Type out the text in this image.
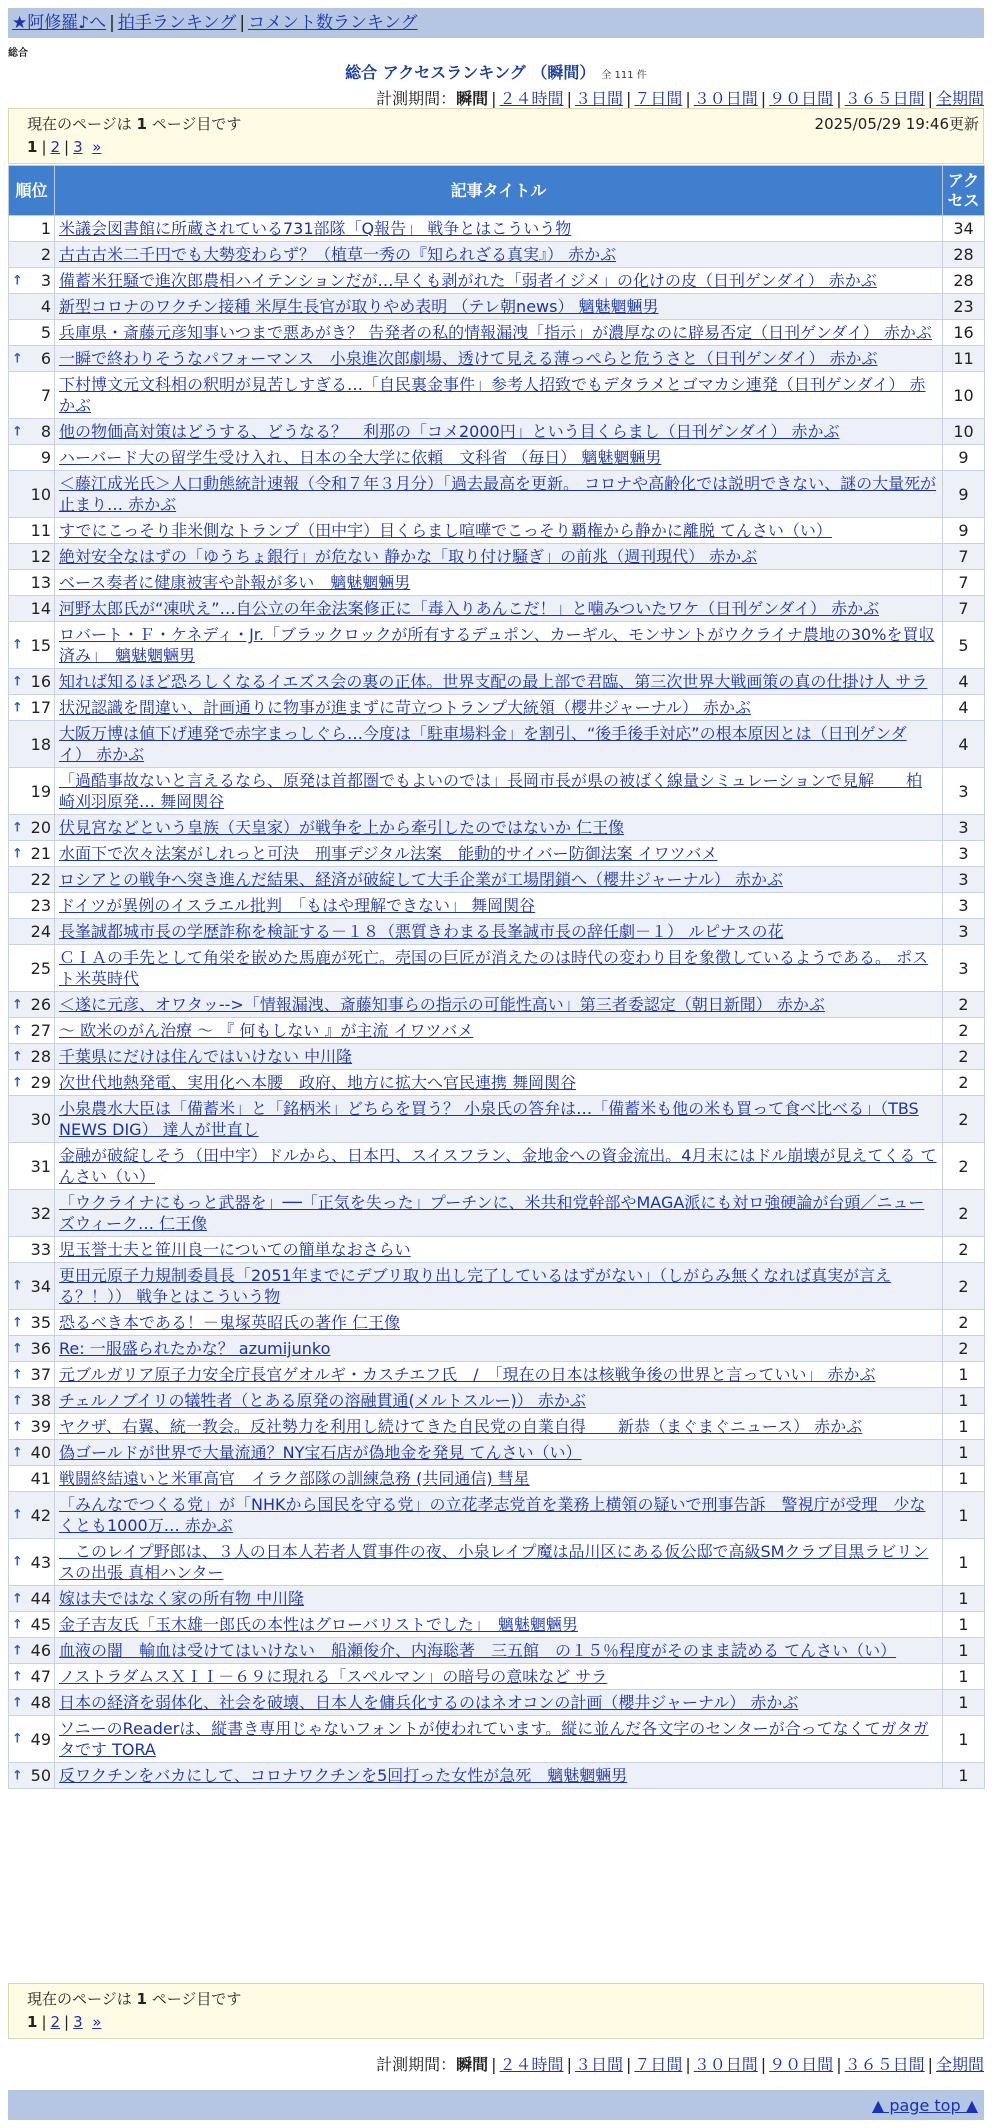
★阿修羅♪へ | 拍手ランキング | コメント数ランキング
総合
総合 アクセスランキング （瞬間） 全 111 件
計測期間：瞬間 | ２４時間 | ３日間 | ７日間 | ３０日間 | ９０日間 | ３６５日間 | 全期間
現在のページは 1 ページ目です	2025/05/29 19:46更新
1 | 2 | 3 »
順位	記事タイトル	アクセス
1	米議会図書館に所蔵されている731部隊「Q報告」 戦争とはこういう物	34
2	古古古米二千円でも大勢変わらず？（植草一秀の『知られざる真実』） 赤かぶ	28

↑ 3	備蓄米狂騒で進次郎農相ハイテンションだが…早くも剥がれた「弱者イジメ」の化けの皮（日刊ゲンダイ） 赤かぶ	28
4	新型コロナのワクチン接種 米厚生長官が取りやめ表明 （テレ朝news） 魑魅魍魎男	23
5	兵庫県・斎藤元彦知事いつまで悪あがき？ 告発者の私的情報漏洩「指示」が濃厚なのに辟易否定（日刊ゲンダイ） 赤かぶ	16

↑ 6	一瞬で終わりそうなパフォーマンス　小泉進次郎劇場、透けて見える薄っぺらと危うさと（日刊ゲンダイ） 赤かぶ	11
7	下村博文元文科相の釈明が見苦しすぎる…「自民裏金事件」参考人招致でもデタラメとゴマカシ連発（日刊ゲンダイ） 赤かぶ	10

↑ 8	他の物価高対策はどうする、どうなる？　利那の「コメ2000円」という目くらまし（日刊ゲンダイ） 赤かぶ	10
9	ハーバード大の留学生受け入れ、日本の全大学に依頼　文科省 （毎日） 魑魅魍魎男	9
10	＜藤江成光氏＞人口動態統計速報（令和７年３月分）「過去最高を更新。 コロナや高齢化では説明できない、謎の大量死が止まり… 赤かぶ	9
11	すでにこっそり非米側なトランプ（田中宇）目くらまし喧嘩でこっそり覇権から静かに離脱 てんさい（い）	9
12	絶対安全なはずの「ゆうちょ銀行」が危ない 静かな「取り付け騒ぎ」の前兆（週刊現代） 赤かぶ	7
13	ベース奏者に健康被害や訃報が多い　魑魅魍魎男	7
14	河野太郎氏が“凍吠え”…自公立の年金法案修正に「毒入りあんこだ！」と噛みついたワケ（日刊ゲンダイ） 赤かぶ	7

↑ 15	ロバート・Ｆ・ケネディ・Jr.「ブラックロックが所有するデュポン、カーギル、モンサントがウクライナ農地の30%を買収済み」　魑魅魍魎男	5

↑ 16	知れば知るほど恐ろしくなるイエズス会の裏の正体。世界支配の最上部で君臨、第三次世界大戦画策の真の仕掛け人 サラ	4

↑ 17	状況認識を間違い、計画通りに物事が進まずに苛立つトランプ大統領（櫻井ジャーナル） 赤かぶ	4
18	大阪万博は値下げ連発で赤字まっしぐら…今度は「駐車場料金」を割引、“後手後手対応”の根本原因とは（日刊ゲンダイ） 赤かぶ	4
19	「過酷事故ないと言えるなら、原発は首都圏でもよいのでは」長岡市長が県の被ばく線量シミュレーションで見解　　柏崎刈羽原発… 舞岡関谷	3

↑ 20	伏見宮などという皇族（天皇家）が戦争を上から牽引したのではないか 仁王像	3

↑ 21	水面下で次々法案がしれっと可決　刑事デジタル法案　能動的サイバー防御法案 イワツバメ	3
22	ロシアとの戦争へ突き進んだ結果、経済が破綻して大手企業が工場閉鎖へ（櫻井ジャーナル） 赤かぶ	3
23	ドイツが異例のイスラエル批判　「もはや理解できない」 舞岡関谷	3
24	長峯誠都城市長の学歴詐称を検証する－１８（悪質きわまる長峯誠市長の辞任劇－１） ルピナスの花	3
25	ＣＩＡの手先として角栄を嵌めた馬鹿が死亡。売国の巨匠が消えたのは時代の変わり目を象徴しているようである。 ポスト米英時代	3

↑ 26	＜遂に元彦、オワタッ-->「情報漏洩、斎藤知事らの指示の可能性高い」第三者委認定（朝日新聞） 赤かぶ	2

↑ 27	～ 欧米のがん治療 ～ 『 何もしない 』が主流 イワツバメ	2

↑ 28	千葉県にだけは住んではいけない 中川隆	2

↑ 29	次世代地熱発電、実用化へ本腰　政府、地方に拡大へ官民連携 舞岡関谷	2
30	小泉農水大臣は「備蓄米」と「銘柄米」どちらを買う？ 小泉氏の答弁は…「備蓄米も他の米も買って食べ比べる」（TBS NEWS DIG） 達人が世直し	2
31	金融が破綻しそう（田中宇）ドルから、日本円、スイスフラン、金地金への資金流出。4月末にはドル崩壊が見えてくる てんさい（い）	2
32	「ウクライナにもっと武器を」──「正気を失った」プーチンに、米共和党幹部やMAGA派にも対ロ強硬論が台頭／ニューズウィーク… 仁王像	2
33	児玉誉士夫と笹川良一についての簡単なおさらい	2

↑ 34	更田元原子力規制委員長「2051年までにデブリ取り出し完了しているはずがない」（しがらみ無くなれば真実が言える？！）） 戦争とはこういう物	2

↑ 35	恐るべき本である！－鬼塚英昭氏の著作 仁王像	2

↑ 36	Re: 一服盛られたかな？ azumijunko	2

↑ 37	元ブルガリア原子力安全庁長官ゲオルギ・カスチエフ氏　/　「現在の日本は核戦争後の世界と言っていい」 赤かぶ	1

↑ 38	チェルノブイリの犠牲者（とある原発の溶融貫通(メルトスルー)） 赤かぶ	1

↑ 39	ヤクザ、右翼、統一教会。反社勢力を利用し続けてきた自民党の自業自得　　新恭（まぐまぐニュース） 赤かぶ	1

↑ 40	偽ゴールドが世界で大量流通？NY宝石店が偽地金を発見 てんさい（い）	1
41	戦闘終結遠いと米軍高官　イラク部隊の訓練急務 (共同通信) 彗星	1

↑ 42	「みんなでつくる党」が「NHKから国民を守る党」の立花孝志党首を業務上横領の疑いで刑事告訴　警視庁が受理　少なくとも1000万… 赤かぶ	1

↑ 43	　このレイプ野郎は、３人の日本人若者人質事件の夜、小泉レイプ魔は品川区にある仮公邸で高級SMクラブ目黒ラビリンスの出張 真相ハンター	1

↑ 44	嫁は夫ではなく家の所有物 中川隆	1

↑ 45	金子吉友氏「玉木雄一郎氏の本性はグローバリストでした」　魑魅魍魎男	1

↑ 46	血液の闇　輸血は受けてはいけない　船瀬俊介、内海聡著　三五館　の１５％程度がそのまま読める てんさい（い）	1

↑ 47	ノストラダムスＸＩＩ－６９に現れる「スペルマン」の暗号の意味など サラ	1

↑ 48	日本の経済を弱体化、社会を破壊、日本人を傭兵化するのはネオコンの計画（櫻井ジャーナル） 赤かぶ	1

↑ 49	ソニーのReaderは、縦書き専用じゃないフォントが使われています。縦に並んだ各文字のセンターが合ってなくてガタガタです TORA	1

↑ 50	反ワクチンをバカにして、コロナワクチンを5回打った女性が急死　魑魅魍魎男	1
現在のページは 1 ページ目です
1 | 2 | 3 »
計測期間：瞬間 | ２４時間 | ３日間 | ７日間 | ３０日間 | ９０日間 | ３６５日間 | 全期間
▲ page top ▲
